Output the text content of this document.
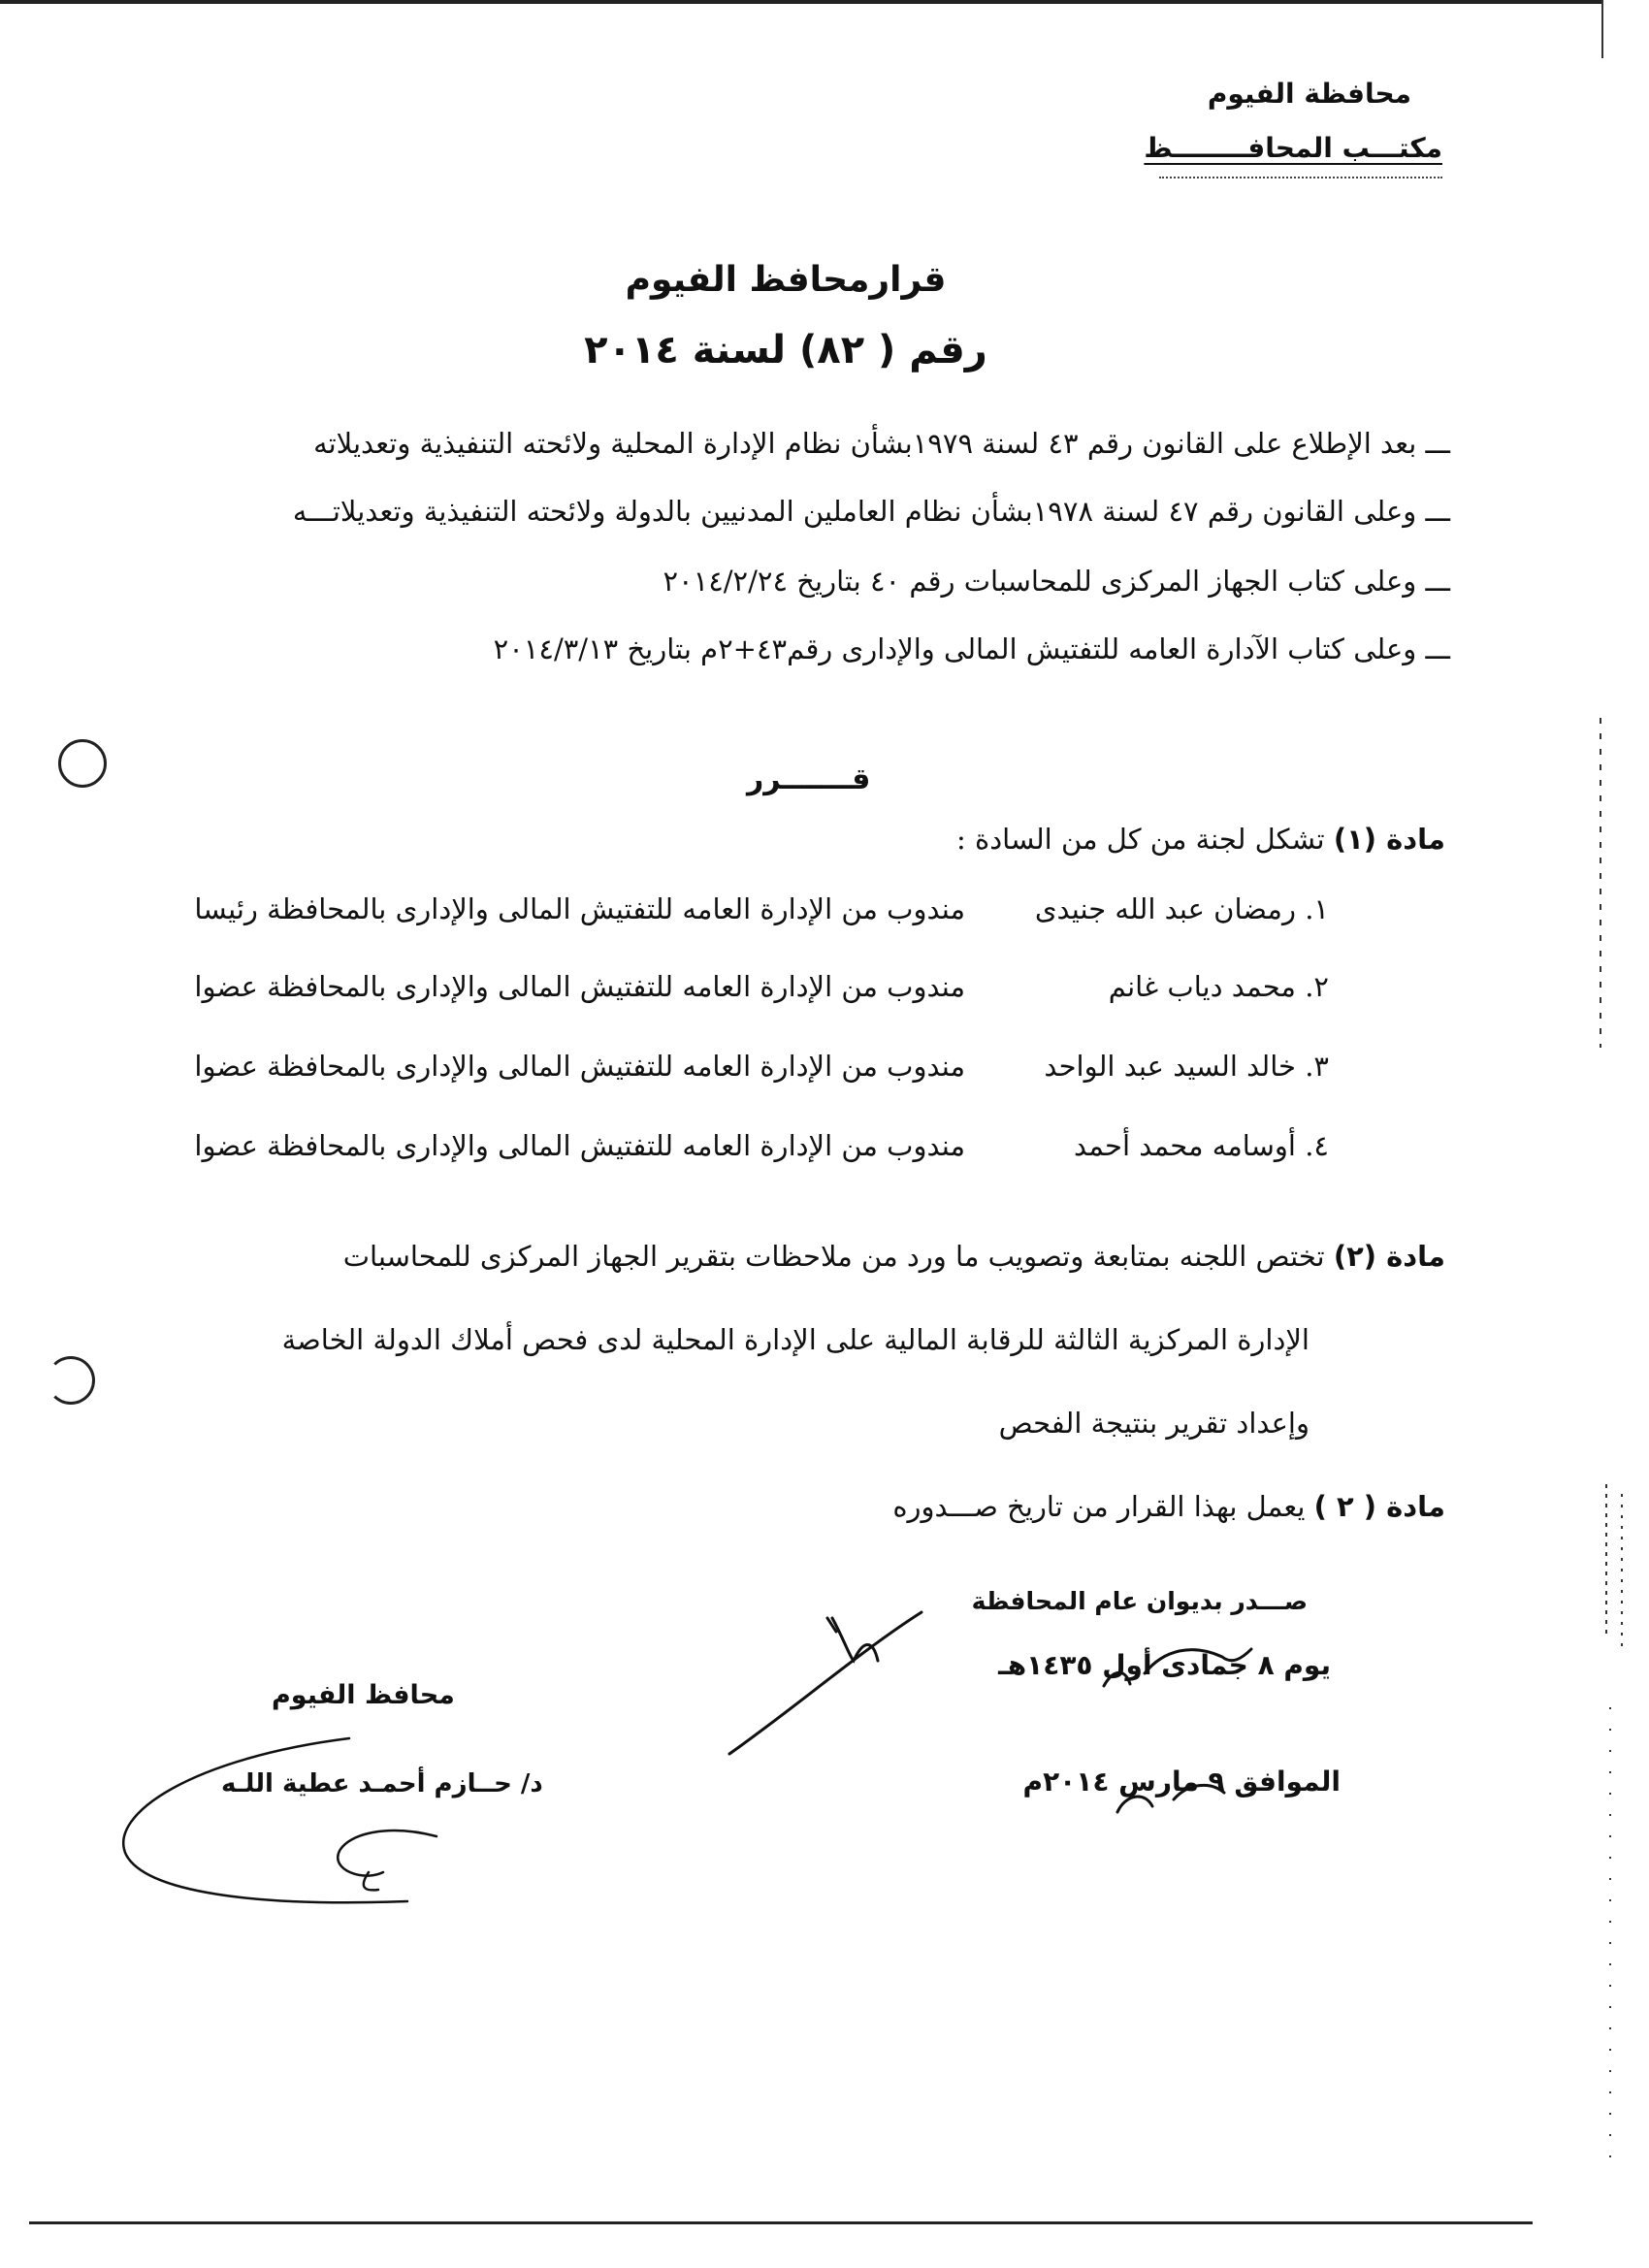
محافظة الفيوم
مكتـــب المحافــــــــظ
قرارمحافظ الفيوم
رقم ( ٨٢) لسنة ٢٠١٤
ـــ بعد الإطلاع على القانون رقم ٤٣ لسنة ١٩٧٩بشأن نظام الإدارة المحلية ولائحته التنفيذية وتعديلاته
ـــ وعلى القانون رقم ٤٧ لسنة ١٩٧٨بشأن نظام العاملين المدنيين بالدولة ولائحته التنفيذية وتعديلاتـــه
ـــ وعلى كتاب الجهاز المركزى للمحاسبات رقم ٤٠ بتاريخ ٢٠١٤/٢/٢٤
ـــ وعلى كتاب الآدارة العامه للتفتيش المالى والإدارى رقم٤٣+٢م بتاريخ ٢٠١٤/٣/١٣
قـــــــرر
مادة (١) تشكل لجنة من كل من السادة :
١. رمضان عبد الله جنيدى
مندوب من الإدارة العامه للتفتيش المالى والإدارى بالمحافظة رئيسا
٢. محمد دياب غانم
مندوب من الإدارة العامه للتفتيش المالى والإدارى بالمحافظة عضوا
٣. خالد السيد عبد الواحد
مندوب من الإدارة العامه للتفتيش المالى والإدارى بالمحافظة عضوا
٤. أوسامه محمد أحمد
مندوب من الإدارة العامه للتفتيش المالى والإدارى بالمحافظة عضوا
مادة (٢) تختص اللجنه بمتابعة وتصويب ما ورد من ملاحظات بتقرير الجهاز المركزى للمحاسبات
الإدارة المركزية الثالثة للرقابة المالية على الإدارة المحلية لدى فحص أملاك الدولة الخاصة
وإعداد تقرير بنتيجة الفحص
مادة ( ٢ ) يعمل بهذا القرار من تاريخ صـــدوره
صـــدر بديوان عام المحافظة
يوم ٨ جمادى أول ١٤٣٥هـ
الموافق ٩ مارس ٢٠١٤م
محافظ الفيوم
د/ حــازم أحمـد عطية اللـه
